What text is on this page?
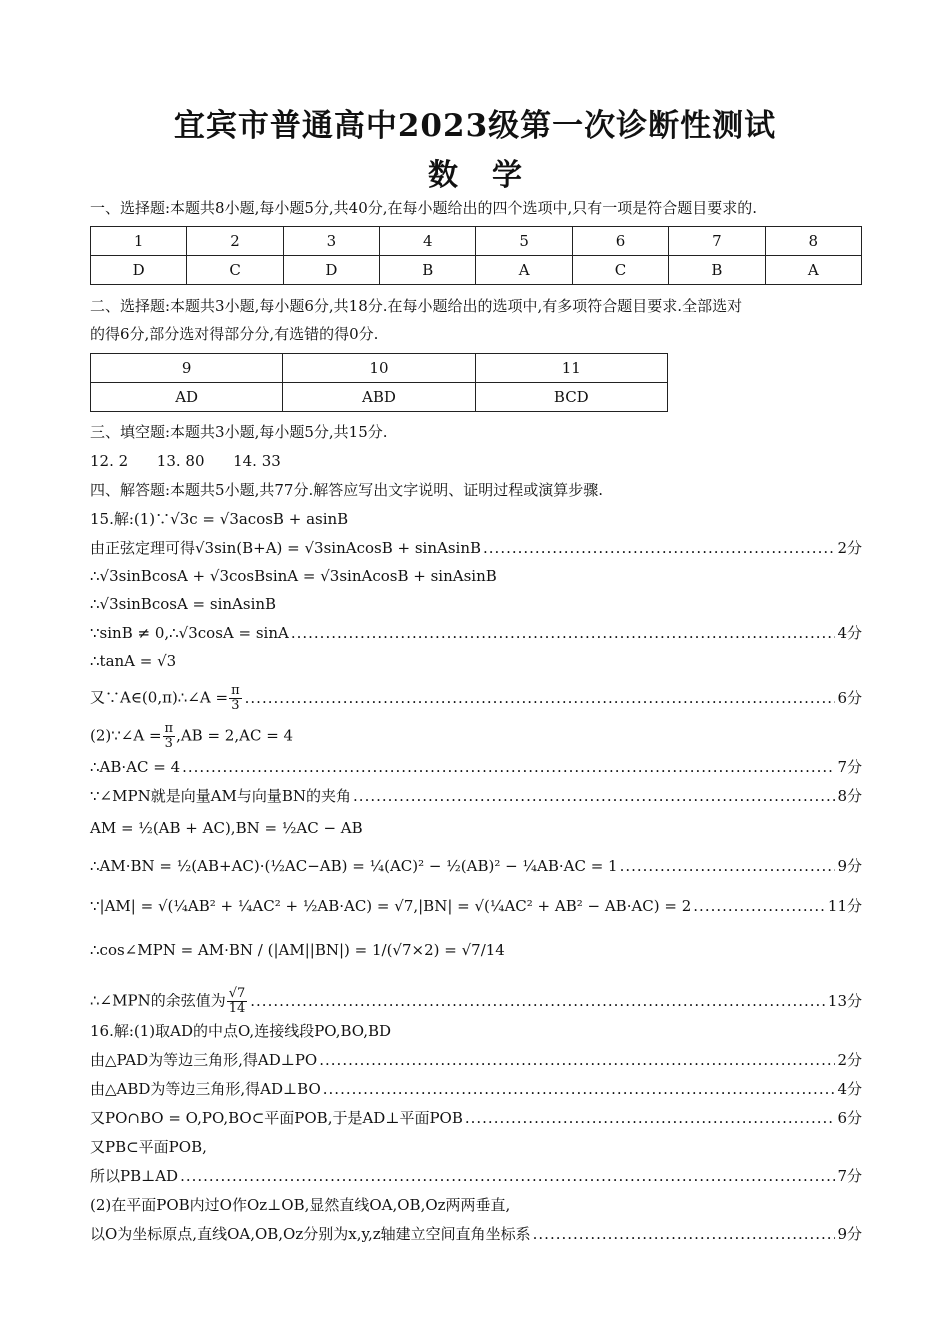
宜宾市普通高中2023级第一次诊断性测试
数学
一、选择题:本题共8小题,每小题5分,共40分,在每小题给出的四个选项中,只有一项是符合题目要求的.
1	2	3	4	5	6	7	8
D	C	D	B	A	C	B	A
二、选择题:本题共3小题,每小题6分,共18分.在每小题给出的选项中,有多项符合题目要求.全部选对
的得6分,部分选对得部分分,有选错的得0分.
9	10	11
AD	ABD	BCD
三、填空题:本题共3小题,每小题5分,共15分.
12. 2      13. 80      14. 33
四、解答题:本题共5小题,共77分.解答应写出文字说明、证明过程或演算步骤.
15.解:(1)∵√3c = √3acosB + asinB
由正弦定理可得√3sin(B+A) = √3sinAcosB + sinAsinB .....	2分
∴√3sinBcosA + √3cosBsinA = √3sinAcosB + sinAsinB
∴√3sinBcosA = sinAsinB
∵sinB ≠ 0,∴√3cosA = sinA .....	4分
∴tanA = √3
又∵A∈(0,π)∴∠A = $\frac{\pi}{3}$ .....	6分
(2)∵∠A = $\frac{\pi}{3} ,AB = 2,AC = 4$
∴AB·AC = 4 .....	7分
∵∠MPN就是向量AM与向量BN的夹角 .....	8分
AM = ½(AB + AC),BN = ½AC − AB
∴AM·BN = ½(AB+AC)·(½AC−AB) = ¼(AC)² − ½(AB)² − ¼AB·AC = 1 .....	9分
∵|AM| = √(¼AB² + ¼AC² + ½AB·AC) = √7,|BN| = √(¼AC² + AB² − AB·AC) = 2 .....	11分
∴cos∠MPN = AM·BN / (|AM||BN|) = 1/(√7×2) = √7/14
∴∠MPN的余弦值为 $\frac{√7}{14}$ .....	13分
16.解:(1)取AD的中点O,连接线段PO,BO,BD
由△PAD为等边三角形,得AD⊥PO .....	2分
由△ABD为等边三角形,得AD⊥BO .....	4分
又PO∩BO = O,PO,BO⊂平面POB,于是AD⊥平面POB .....	6分
又PB⊂平面POB,
所以PB⊥AD .....	7分
(2)在平面POB内过O作Oz⊥OB,显然直线OA,OB,Oz两两垂直,
以O为坐标原点,直线OA,OB,Oz分别为x,y,z轴建立空间直角坐标系 .....	9分
